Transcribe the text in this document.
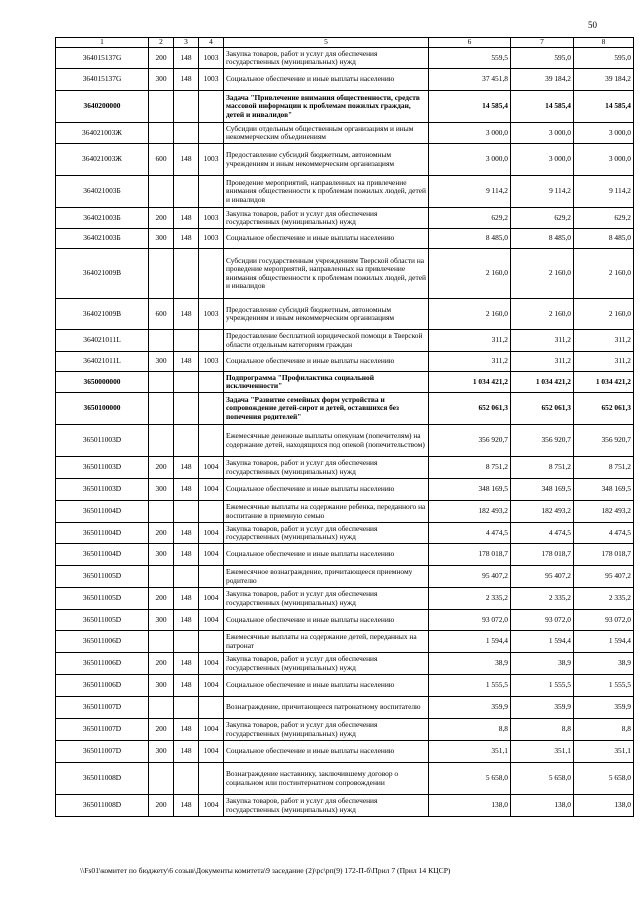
50
1	2	3	4	5	6	7	8
364015137G	200	148	1003	Закупка товаров, работ и услуг для обеспечения государственных (муниципальных) нужд	559,5	595,0	595,0
364015137G	300	148	1003	Социальное обеспечение и иные выплаты населению	37 451,8	39 184,2	39 184,2
3640200000				Задача "Привлечение внимания общественности, средств массовой информации к проблемам пожилых граждан, детей и инвалидов"	14 585,4	14 585,4	14 585,4
364021003Ж				Субсидии отдельным общественным организациям и иным некоммерческим объединениям	3 000,0	3 000,0	3 000,0
364021003Ж	600	148	1003	Предоставление субсидий бюджетным, автономным учреждениям и иным некоммерческим организациям	3 000,0	3 000,0	3 000,0
364021003Б				Проведение мероприятий, направленных на привлечение внимания общественности к проблемам пожилых людей, детей и инвалидов	9 114,2	9 114,2	9 114,2
364021003Б	200	148	1003	Закупка товаров, работ и услуг для обеспечения государственных (муниципальных) нужд	629,2	629,2	629,2
364021003Б	300	148	1003	Социальное обеспечение и иные выплаты населению	8 485,0	8 485,0	8 485,0
364021009В				Субсидии государственным учреждениям Тверской области на проведение мероприятий, направленных на привлечение внимания общественности к проблемам пожилых людей, детей и инвалидов	2 160,0	2 160,0	2 160,0
364021009В	600	148	1003	Предоставление субсидий бюджетным, автономным учреждениям и иным некоммерческим организациям	2 160,0	2 160,0	2 160,0
364021011L				Предоставление бесплатной юридической помощи в Тверской области отдельным категориям граждан	311,2	311,2	311,2
364021011L	300	148	1003	Социальное обеспечение и иные выплаты населению	311,2	311,2	311,2
3650000000				Подпрограмма "Профилактика социальной исключенности"	1 034 421,2	1 034 421,2	1 034 421,2
3650100000				Задача "Развитие семейных форм устройства и сопровождение детей-сирот и детей, оставшихся без попечения родителей"	652 061,3	652 061,3	652 061,3
365011003D				Ежемесячные денежные выплаты опекунам (попечителям) на содержание детей, находящихся под опекой (попечительством)	356 920,7	356 920,7	356 920,7
365011003D	200	148	1004	Закупка товаров, работ и услуг для обеспечения государственных (муниципальных) нужд	8 751,2	8 751,2	8 751,2
365011003D	300	148	1004	Социальное обеспечение и иные выплаты населению	348 169,5	348 169,5	348 169,5
365011004D				Ежемесячные выплаты на содержание ребенка, переданного на воспитание в приемную семью	182 493,2	182 493,2	182 493,2
365011004D	200	148	1004	Закупка товаров, работ и услуг для обеспечения государственных (муниципальных) нужд	4 474,5	4 474,5	4 474,5
365011004D	300	148	1004	Социальное обеспечение и иные выплаты населению	178 018,7	178 018,7	178 018,7
365011005D				Ежемесячное вознаграждение, причитающееся приемному родителю	95 407,2	95 407,2	95 407,2
365011005D	200	148	1004	Закупка товаров, работ и услуг для обеспечения государственных (муниципальных) нужд	2 335,2	2 335,2	2 335,2
365011005D	300	148	1004	Социальное обеспечение и иные выплаты населению	93 072,0	93 072,0	93 072,0
365011006D				Ежемесячные выплаты на содержание детей, переданных на патронат	1 594,4	1 594,4	1 594,4
365011006D	200	148	1004	Закупка товаров, работ и услуг для обеспечения государственных (муниципальных) нужд	38,9	38,9	38,9
365011006D	300	148	1004	Социальное обеспечение и иные выплаты населению	1 555,5	1 555,5	1 555,5
365011007D				Вознаграждение, причитающееся патронатному воспитателю	359,9	359,9	359,9
365011007D	200	148	1004	Закупка товаров, работ и услуг для обеспечения государственных (муниципальных) нужд	8,8	8,8	8,8
365011007D	300	148	1004	Социальное обеспечение и иные выплаты населению	351,1	351,1	351,1
365011008D				Вознаграждение наставнику, заключившему договор о социальном или постинтернатном сопровождении	5 658,0	5 658,0	5 658,0
365011008D	200	148	1004	Закупка товаров, работ и услуг для обеспечения государственных (муниципальных) нужд	138,0	138,0	138,0
\\Fs01\комитет по бюджету\6 созыв\Документы комитета\9 заседание (2)\рс\рп(9) 172-П-б\Прил 7 (Прил 14 КЦСР)
